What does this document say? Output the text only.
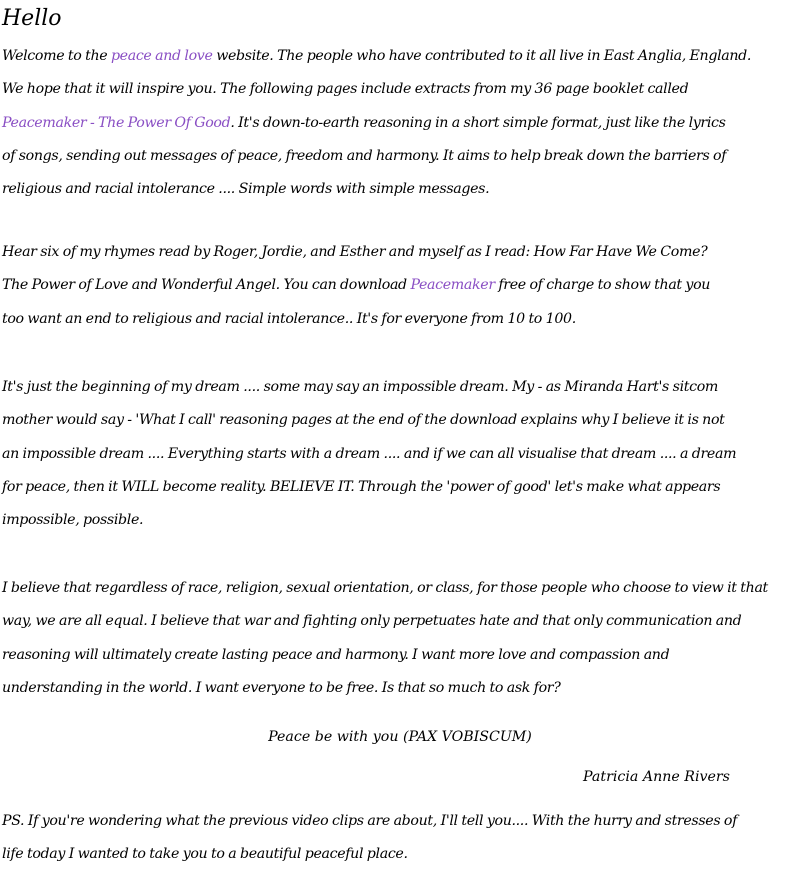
Hello

Welcome to the peace and love website. The people who have contributed to it all live in East Anglia, England.
We hope that it will inspire you. The following pages include extracts from my 36 page booklet called
Peacemaker - The Power Of Good. It's down-to-earth reasoning in a short simple format, just like the lyrics
of songs, sending out messages of peace, freedom and harmony. It aims to help break down the barriers of
religious and racial intolerance .... Simple words with simple messages.

Hear six of my rhymes read by Roger, Jordie, and Esther and myself as I read: How Far Have We Come?
The Power of Love and Wonderful Angel. You can download Peacemaker free of charge to show that you
too want an end to religious and racial intolerance.. It's for everyone from 10 to 100.

It's just the beginning of my dream .... some may say an impossible dream. My - as Miranda Hart's sitcom
mother would say - 'What I call' reasoning pages at the end of the download explains why I believe it is not
an impossible dream .... Everything starts with a dream .... and if we can all visualise that dream .... a dream
for peace, then it WILL become reality. BELIEVE IT. Through the 'power of good' let's make what appears
impossible, possible.

I believe that regardless of race, religion, sexual orientation, or class, for those people who choose to view it that
way, we are all equal. I believe that war and fighting only perpetuates hate and that only communication and
reasoning will ultimately create lasting peace and harmony. I want more love and compassion and
understanding in the world. I want everyone to be free. Is that so much to ask for?

Peace be with you (PAX VOBISCUM)

Patricia Anne Rivers

PS. If you're wondering what the previous video clips are about, I'll tell you.... With the hurry and stresses of
life today I wanted to take you to a beautiful peaceful place.
